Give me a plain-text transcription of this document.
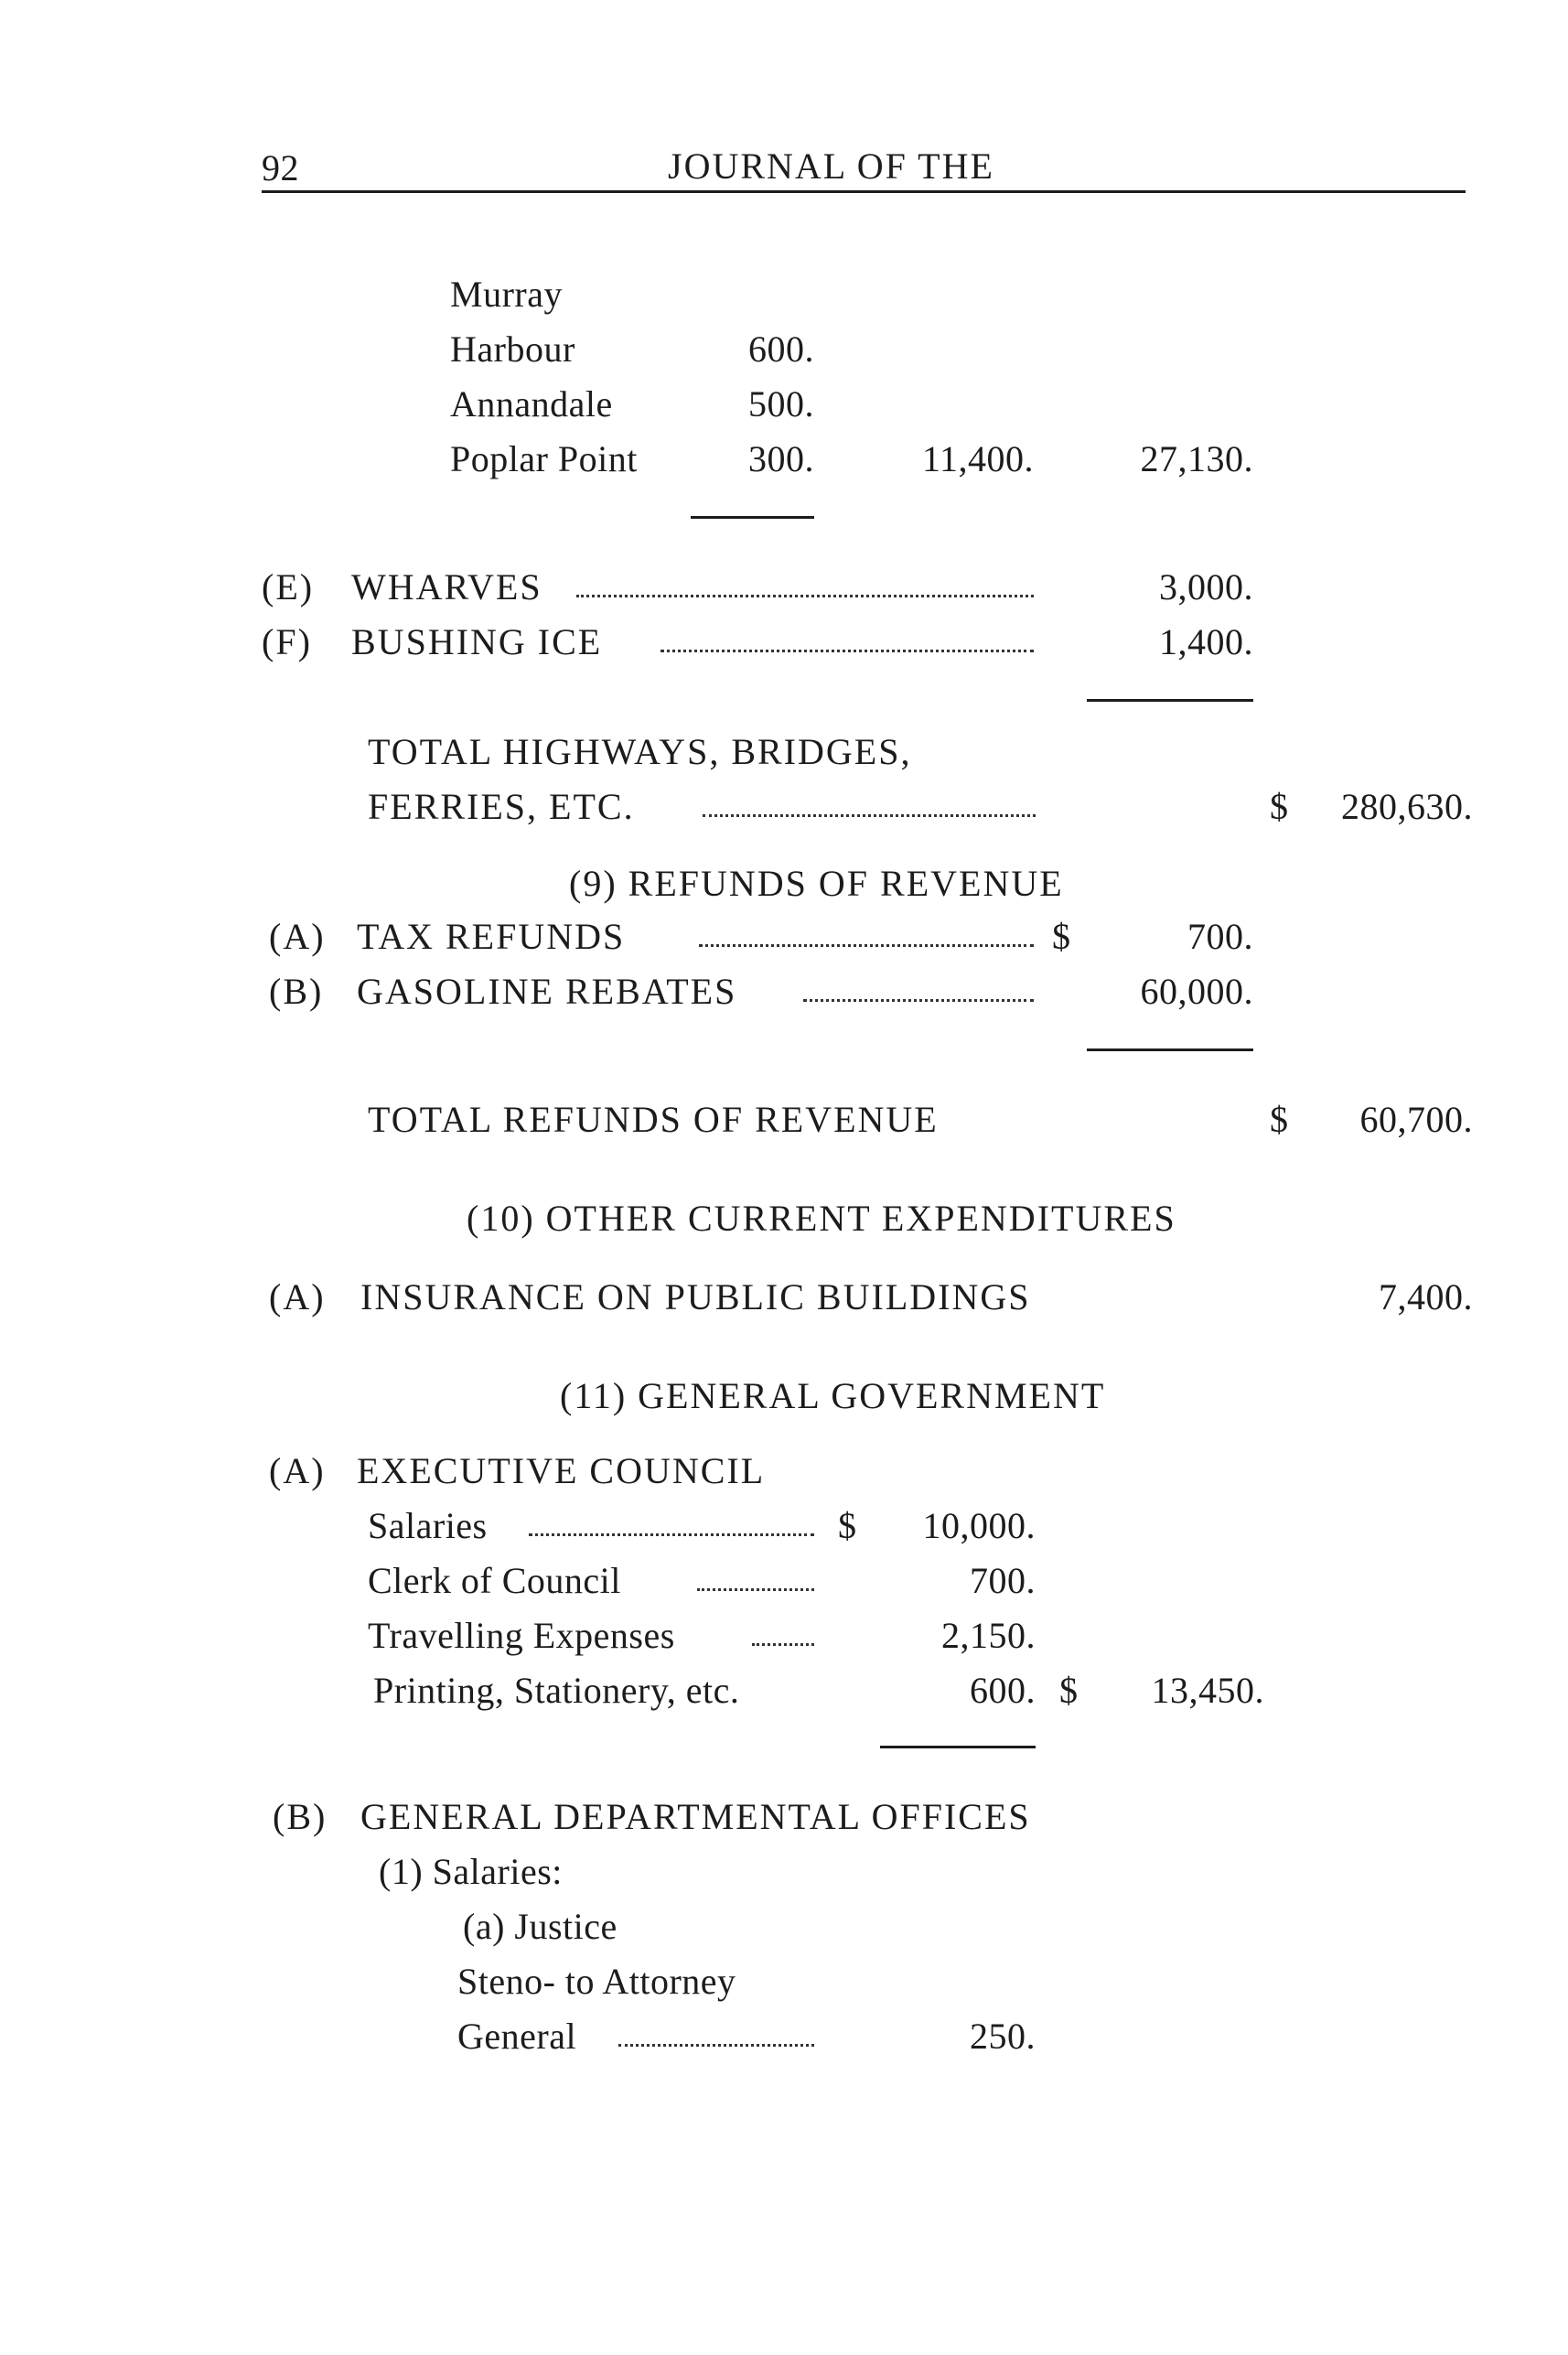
92	JOURNAL OF THE
Murray
Harbour	600.
Annandale	500.
Poplar Point	300.	11,400.	27,130.
(E) WHARVES	3,000.
(F) BUSHING ICE	1,400.
TOTAL HIGHWAYS, BRIDGES,
FERRIES, ETC.	$	280,630.
(9) REFUNDS OF REVENUE
(A) TAX REFUNDS	$	700.
(B) GASOLINE REBATES	60,000.
TOTAL REFUNDS OF REVENUE	$	60,700.
(10) OTHER CURRENT EXPENDITURES
(A) INSURANCE ON PUBLIC BUILDINGS	7,400.
(11) GENERAL GOVERNMENT
(A) EXECUTIVE COUNCIL
Salaries	$	10,000.
Clerk of Council	700.
Travelling Expenses	2,150.
Printing, Stationery, etc.	600. $	13,450.
(B) GENERAL DEPARTMENTAL OFFICES
(1) Salaries:
(a) Justice
Steno- to Attorney
General	250.
